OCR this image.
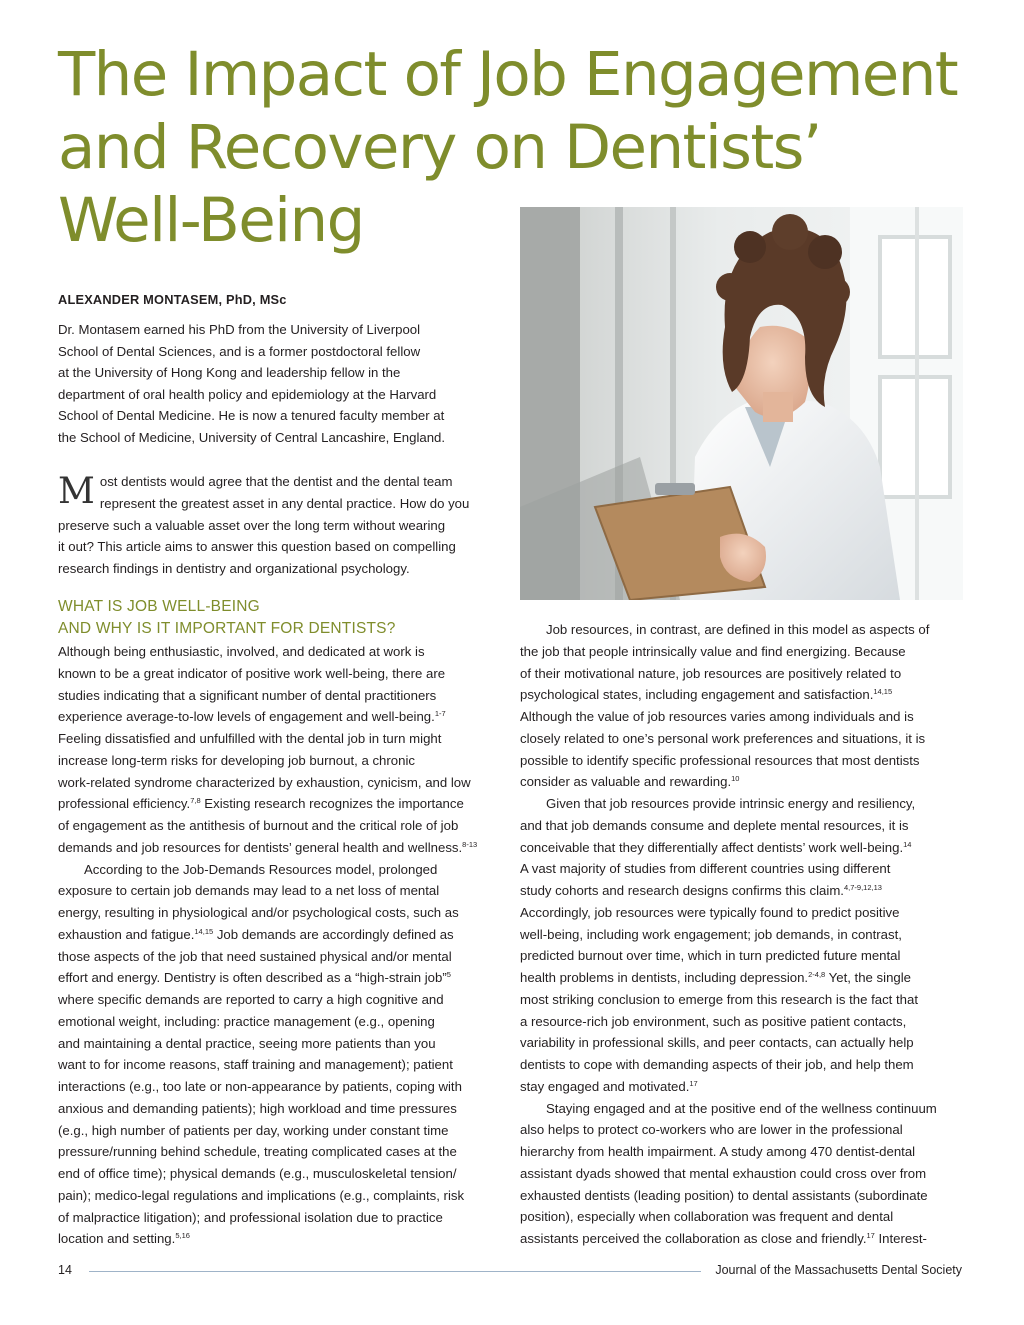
The Impact of Job Engagement
and Recovery on Dentists’
Well-Being

ALEXANDER MONTASEM, PhD, MSc

Dr. Montasem earned his PhD from the University of Liverpool
School of Dental Sciences, and is a former postdoctoral fellow
at the University of Hong Kong and leadership fellow in the
department of oral health policy and epidemiology at the Harvard
School of Dental Medicine. He is now a tenured faculty member at
the School of Medicine, University of Central Lancashire, England.
M ost dentists would agree that the dentist and the dental team
represent the greatest asset in any dental practice. How do you
preserve such a valuable asset over the long term without wearing
it out? This article aims to answer this question based on compelling
research findings in dentistry and organizational psychology.
WHAT IS JOB WELL-BEING
AND WHY IS IT IMPORTANT FOR DENTISTS?
Although being enthusiastic, involved, and dedicated at work is
known to be a great indicator of positive work well-being, there are
studies indicating that a significant number of dental practitioners
experience average-to-low levels of engagement and well-being.$^{1-7}$
Feeling dissatisfied and unfulfilled with the dental job in turn might
increase long-term risks for developing job burnout, a chronic
work-related syndrome characterized by exhaustion, cynicism, and low
professional efficiency.$^{7,8}$ Existing research recognizes the importance
of engagement as the antithesis of burnout and the critical role of job
demands and job resources for dentists’ general health and wellness.$^{8-13}$
According to the Job-Demands Resources model, prolonged
exposure to certain job demands may lead to a net loss of mental
energy, resulting in physiological and/or psychological costs, such as
exhaustion and fatigue.$^{14,15}$ Job demands are accordingly defined as
those aspects of the job that need sustained physical and/or mental
effort and energy. Dentistry is often described as a “high-strain job”$^5$
where specific demands are reported to carry a high cognitive and
emotional weight, including: practice management (e.g., opening
and maintaining a dental practice, seeing more patients than you
want to for income reasons, staff training and management); patient
interactions (e.g., too late or non-appearance by patients, coping with
anxious and demanding patients); high workload and time pressures
(e.g., high number of patients per day, working under constant time
pressure/running behind schedule, treating complicated cases at the
end of office time); physical demands (e.g., musculoskeletal tension/
pain); medico-legal regulations and implications (e.g., complaints, risk
of malpractice litigation); and professional isolation due to practice
location and setting.$^{5,16}$
Job resources, in contrast, are defined in this model as aspects of
the job that people intrinsically value and find energizing. Because
of their motivational nature, job resources are positively related to
psychological states, including engagement and satisfaction.$^{14,15}$
Although the value of job resources varies among individuals and is
closely related to one’s personal work preferences and situations, it is
possible to identify specific professional resources that most dentists
consider as valuable and rewarding.$^{10}$
Given that job resources provide intrinsic energy and resiliency,
and that job demands consume and deplete mental resources, it is
conceivable that they differentially affect dentists’ work well-being.$^{14}$
A vast majority of studies from different countries using different
study cohorts and research designs confirms this claim.$^{4,7-9,12,13}$
Accordingly, job resources were typically found to predict positive
well-being, including work engagement; job demands, in contrast,
predicted burnout over time, which in turn predicted future mental
health problems in dentists, including depression.$^{2-4,8}$ Yet, the single
most striking conclusion to emerge from this research is the fact that
a resource-rich job environment, such as positive patient contacts,
variability in professional skills, and peer contacts, can actually help
dentists to cope with demanding aspects of their job, and help them
stay engaged and motivated.$^{17}$
Staying engaged and at the positive end of the wellness continuum
also helps to protect co-workers who are lower in the professional
hierarchy from health impairment. A study among 470 dentist-dental
assistant dyads showed that mental exhaustion could cross over from
exhausted dentists (leading position) to dental assistants (subordinate
position), especially when collaboration was frequent and dental
assistants perceived the collaboration as close and friendly.$^{17}$ Interest-
14	Journal of the Massachusetts Dental Society
